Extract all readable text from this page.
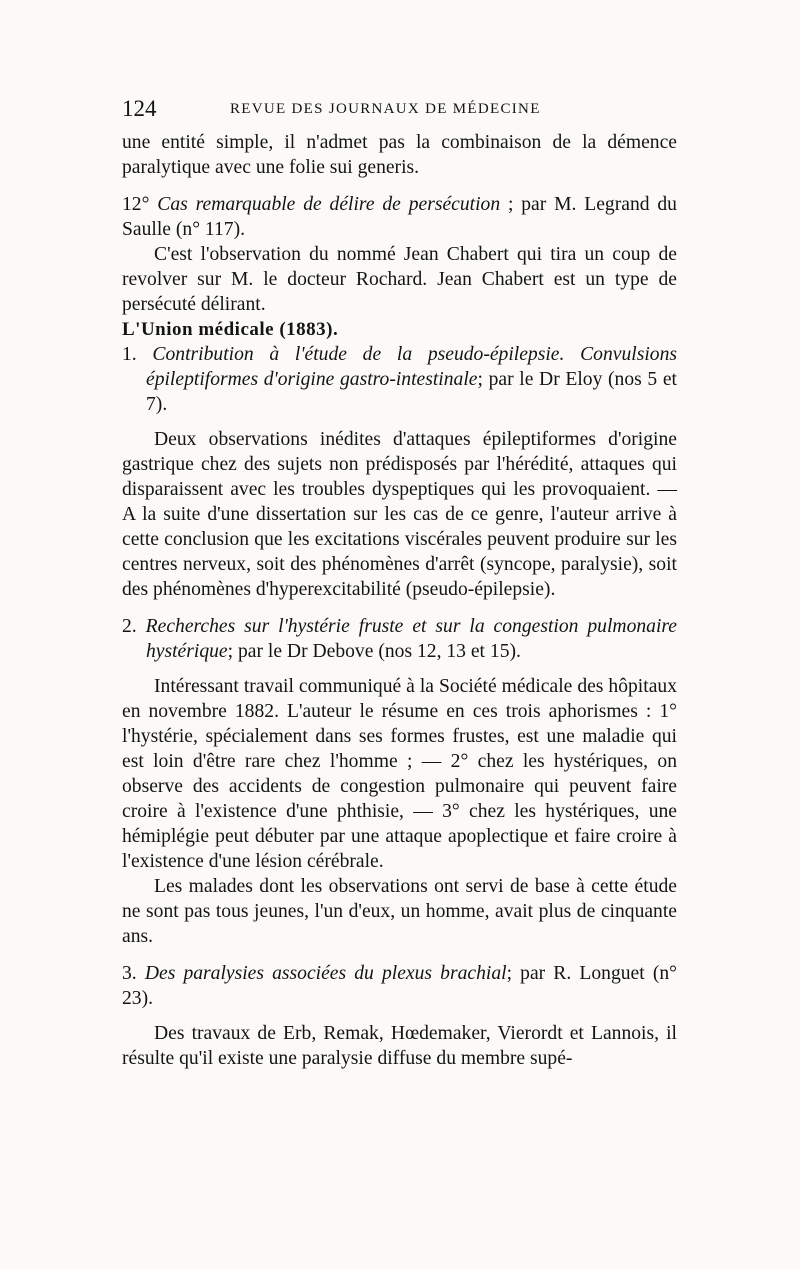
124	REVUE DES JOURNAUX DE MÉDECINE

une entité simple, il n'admet pas la combinaison de la démence paralytique avec une folie sui generis.

12° Cas remarquable de délire de persécution ; par M. Legrand du Saulle (n° 117).

C'est l'observation du nommé Jean Chabert qui tira un coup de revolver sur M. le docteur Rochard. Jean Chabert est un type de persécuté délirant.

L'Union médicale (1883).

1. Contribution à l'étude de la pseudo-épilepsie. Convulsions épileptiformes d'origine gastro-intestinale; par le Dr Eloy (nos 5 et 7).

Deux observations inédites d'attaques épileptiformes d'origine gastrique chez des sujets non prédisposés par l'hérédité, attaques qui disparaissent avec les troubles dyspeptiques qui les provoquaient. — A la suite d'une dissertation sur les cas de ce genre, l'auteur arrive à cette conclusion que les excitations viscérales peuvent produire sur les centres nerveux, soit des phénomènes d'arrêt (syncope, paralysie), soit des phénomènes d'hyperexcitabilité (pseudo-épilepsie).

2. Recherches sur l'hystérie fruste et sur la congestion pulmonaire hystérique; par le Dr Debove (nos 12, 13 et 15).

Intéressant travail communiqué à la Société médicale des hôpitaux en novembre 1882. L'auteur le résume en ces trois aphorismes : 1° l'hystérie, spécialement dans ses formes frustes, est une maladie qui est loin d'être rare chez l'homme ; — 2° chez les hystériques, on observe des accidents de congestion pulmonaire qui peuvent faire croire à l'existence d'une phthisie, — 3° chez les hystériques, une hémiplégie peut débuter par une attaque apoplectique et faire croire à l'existence d'une lésion cérébrale.

Les malades dont les observations ont servi de base à cette étude ne sont pas tous jeunes, l'un d'eux, un homme, avait plus de cinquante ans.

3. Des paralysies associées du plexus brachial; par R. Longuet (n° 23).

Des travaux de Erb, Remak, Hœdemaker, Vierordt et Lannois, il résulte qu'il existe une paralysie diffuse du membre supé-
